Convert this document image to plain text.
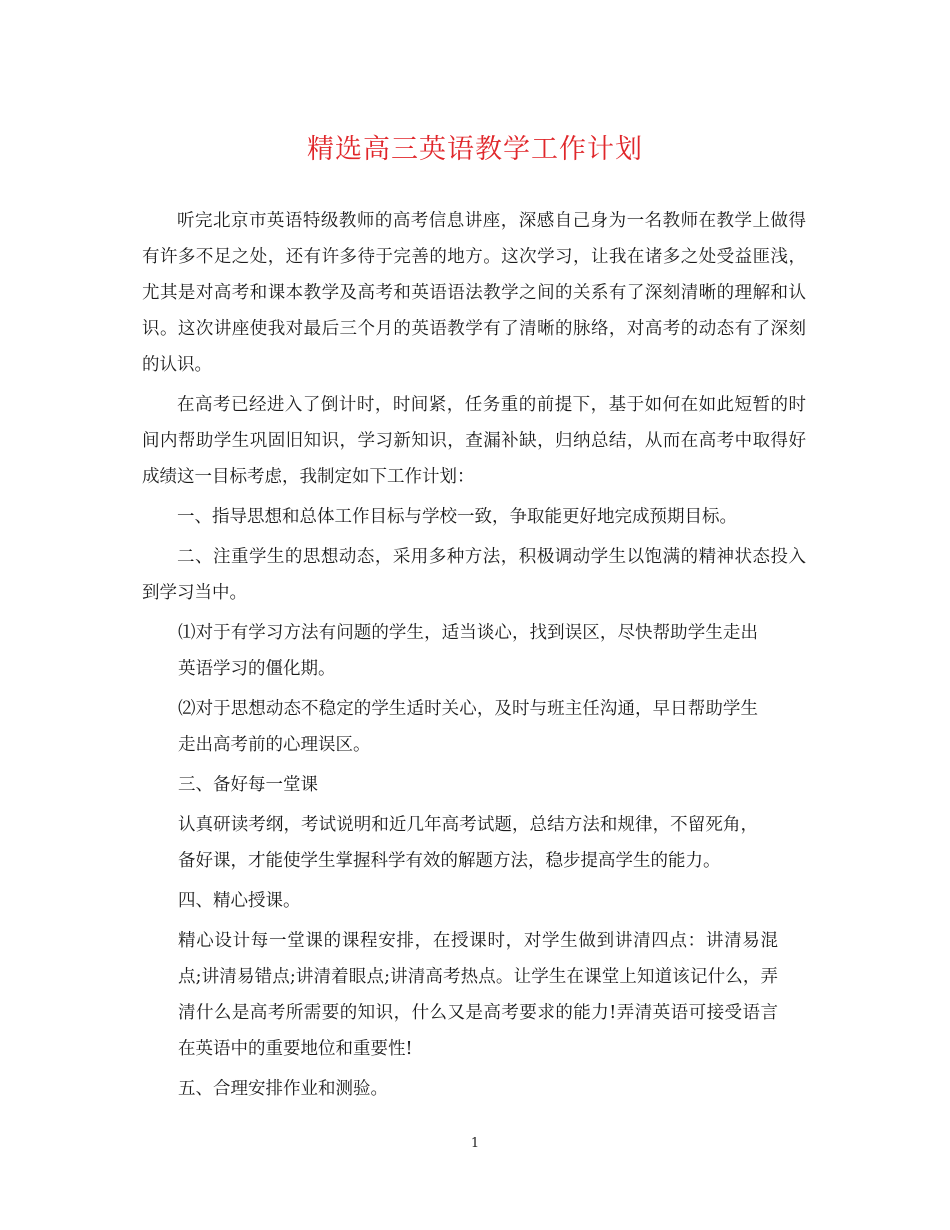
精选高三英语教学工作计划

听完北京市英语特级教师的高考信息讲座，深感自己身为一名教师在教学上做得有许多不足之处，还有许多待于完善的地方。这次学习，让我在诸多之处受益匪浅，尤其是对高考和课本教学及高考和英语语法教学之间的关系有了深刻清晰的理解和认识。这次讲座使我对最后三个月的英语教学有了清晰的脉络，对高考的动态有了深刻的认识。

在高考已经进入了倒计时，时间紧，任务重的前提下，基于如何在如此短暂的时间内帮助学生巩固旧知识，学习新知识，查漏补缺，归纳总结，从而在高考中取得好成绩这一目标考虑，我制定如下工作计划：

一、指导思想和总体工作目标与学校一致，争取能更好地完成预期目标。

二、注重学生的思想动态，采用多种方法，积极调动学生以饱满的精神状态投入到学习当中。

⑴对于有学习方法有问题的学生，适当谈心，找到误区，尽快帮助学生走出英语学习的僵化期。

⑵对于思想动态不稳定的学生适时关心，及时与班主任沟通，早日帮助学生走出高考前的心理误区。

三、备好每一堂课

认真研读考纲，考试说明和近几年高考试题，总结方法和规律，不留死角，备好课，才能使学生掌握科学有效的解题方法，稳步提高学生的能力。

四、精心授课。

精心设计每一堂课的课程安排，在授课时，对学生做到讲清四点：讲清易混点;讲清易错点;讲清着眼点;讲清高考热点。让学生在课堂上知道该记什么，弄清什么是高考所需要的知识，什么又是高考要求的能力!弄清英语可接受语言在英语中的重要地位和重要性!

五、合理安排作业和测验。

1
